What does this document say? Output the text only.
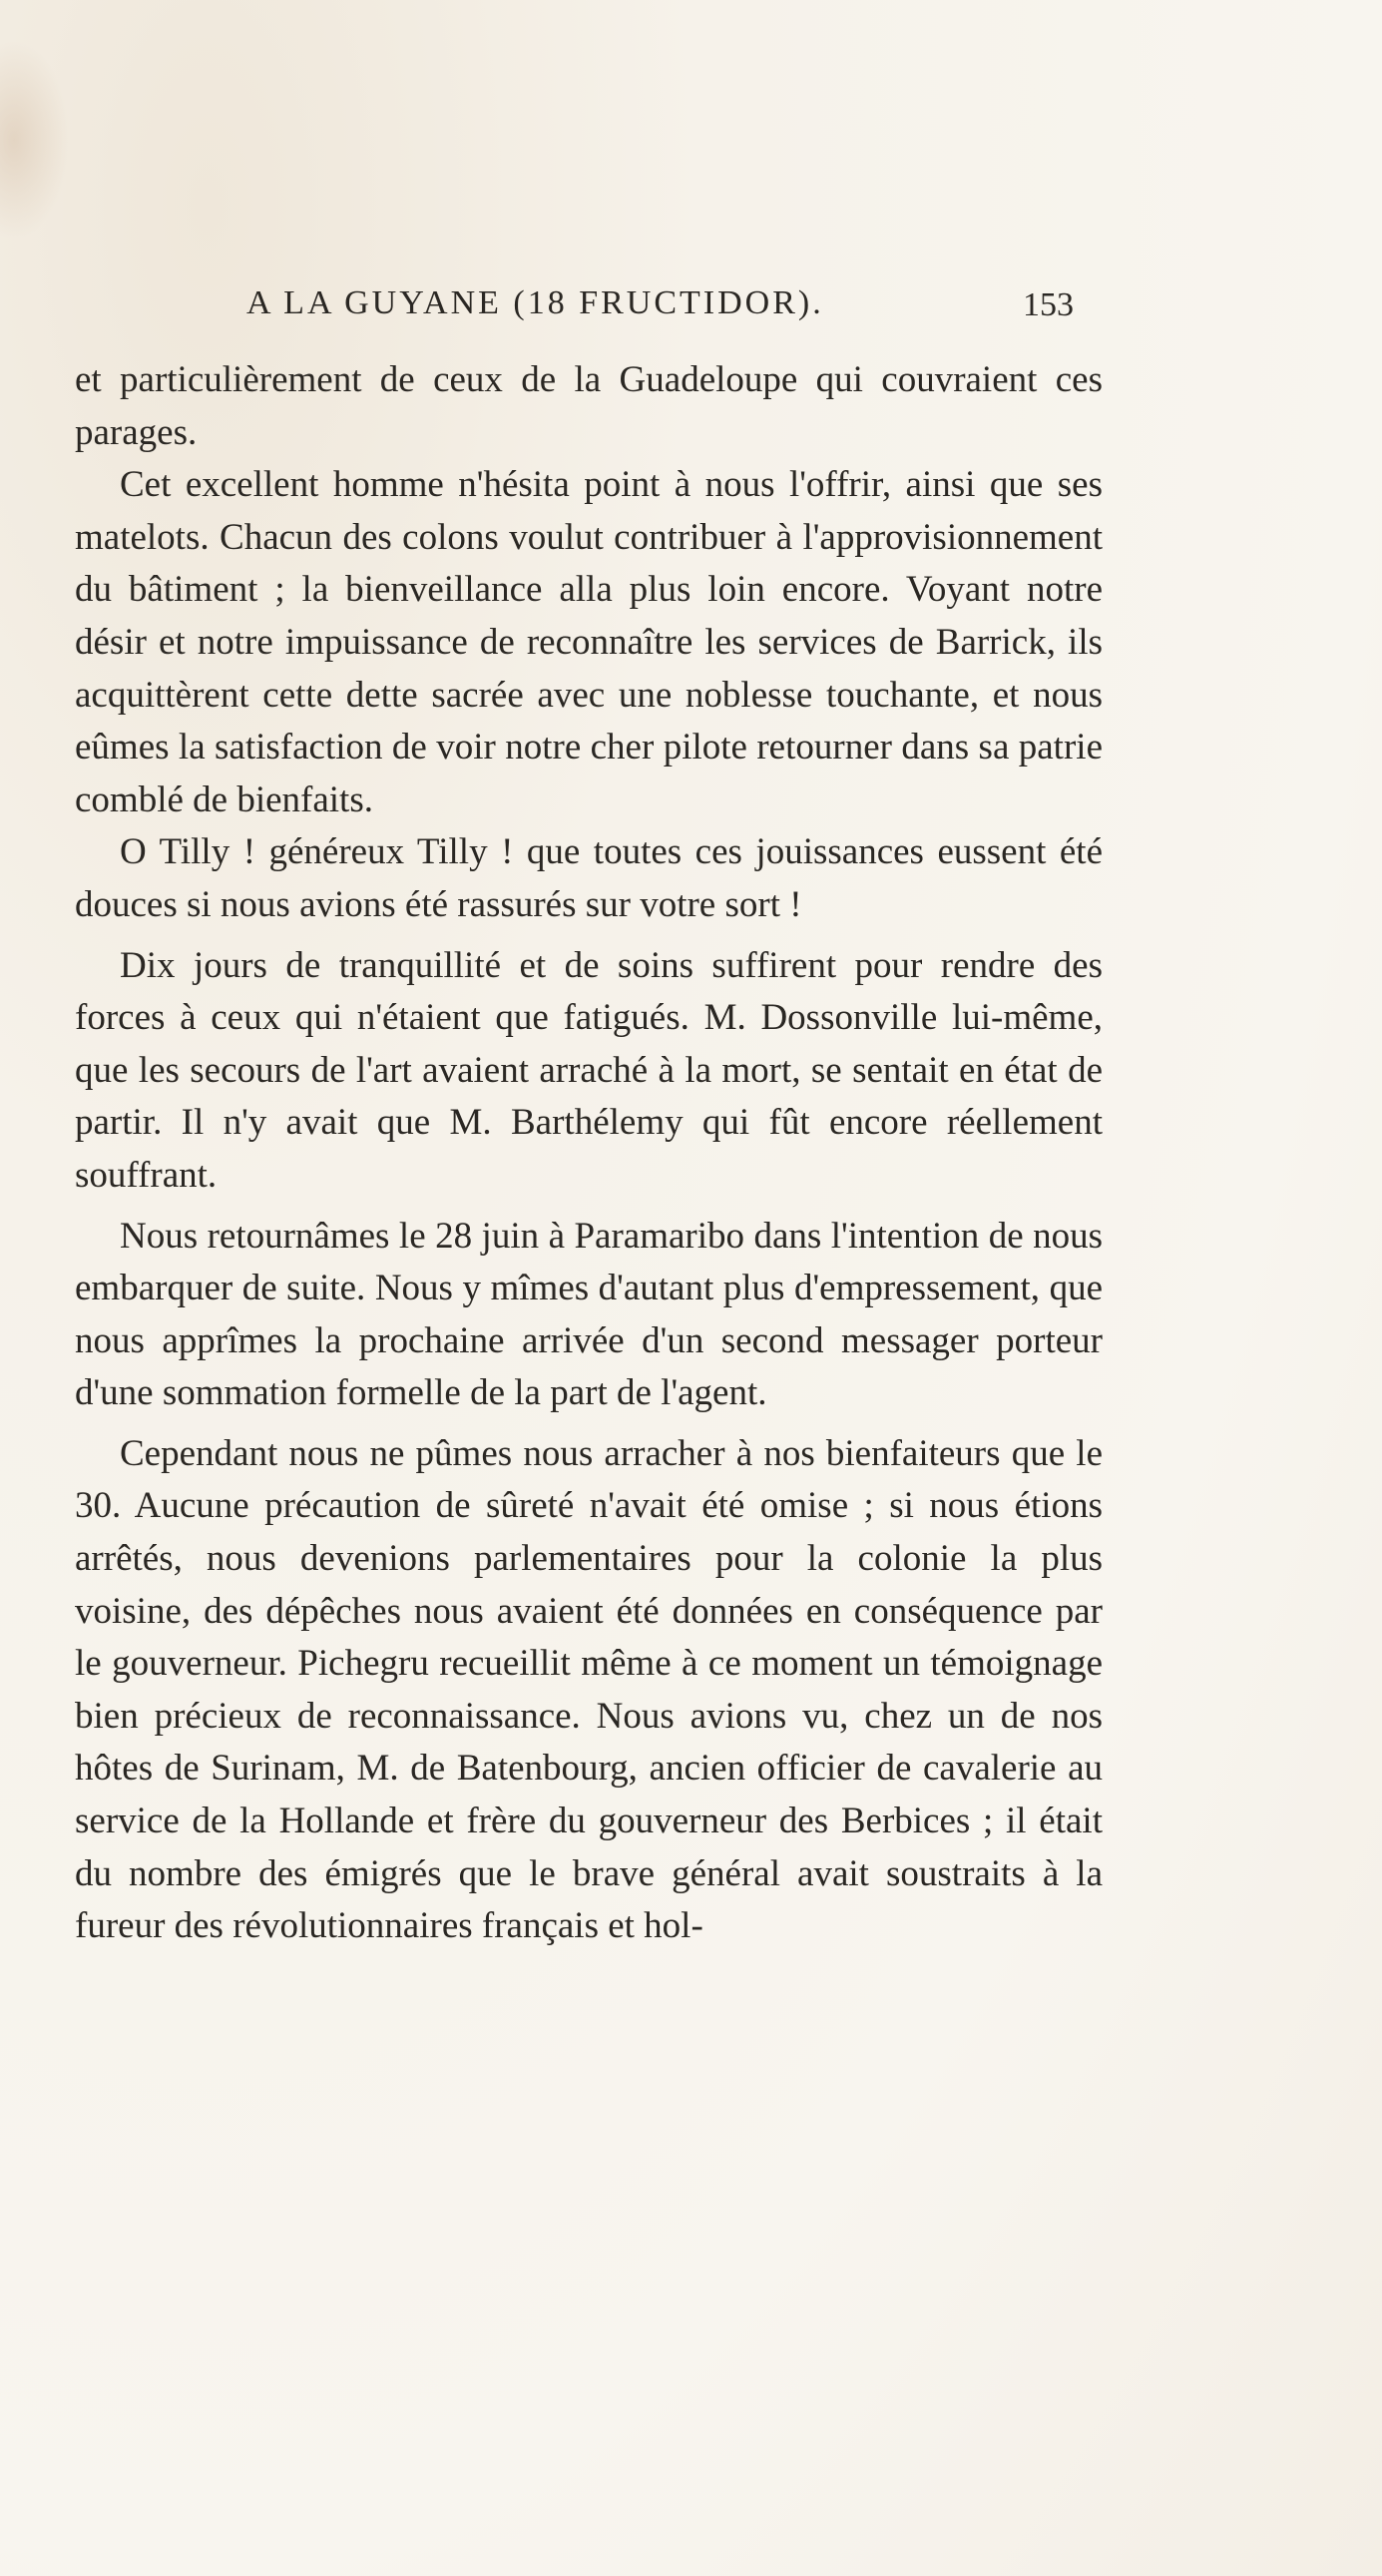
A LA GUYANE (18 FRUCTIDOR).	153

et particulièrement de ceux de la Guadeloupe qui couvraient ces parages.

Cet excellent homme n'hésita point à nous l'offrir, ainsi que ses matelots. Chacun des colons voulut contribuer à l'approvisionnement du bâtiment ; la bienveillance alla plus loin encore. Voyant notre désir et notre impuissance de reconnaître les services de Barrick, ils acquittèrent cette dette sacrée avec une noblesse touchante, et nous eûmes la satisfaction de voir notre cher pilote retourner dans sa patrie comblé de bienfaits.

O Tilly ! généreux Tilly ! que toutes ces jouissances eussent été douces si nous avions été rassurés sur votre sort !

Dix jours de tranquillité et de soins suffirent pour rendre des forces à ceux qui n'étaient que fatigués. M. Dossonville lui-même, que les secours de l'art avaient arraché à la mort, se sentait en état de partir. Il n'y avait que M. Barthélemy qui fût encore réellement souffrant.

Nous retournâmes le 28 juin à Paramaribo dans l'intention de nous embarquer de suite. Nous y mîmes d'autant plus d'empressement, que nous apprîmes la prochaine arrivée d'un second messager porteur d'une sommation formelle de la part de l'agent.

Cependant nous ne pûmes nous arracher à nos bienfaiteurs que le 30. Aucune précaution de sûreté n'avait été omise ; si nous étions arrêtés, nous devenions parlementaires pour la colonie la plus voisine, des dépêches nous avaient été données en conséquence par le gouverneur. Pichegru recueillit même à ce moment un témoignage bien précieux de reconnaissance. Nous avions vu, chez un de nos hôtes de Surinam, M. de Batenbourg, ancien officier de cavalerie au service de la Hollande et frère du gouverneur des Berbices ; il était du nombre des émigrés que le brave général avait soustraits à la fureur des révolutionnaires français et hol-
